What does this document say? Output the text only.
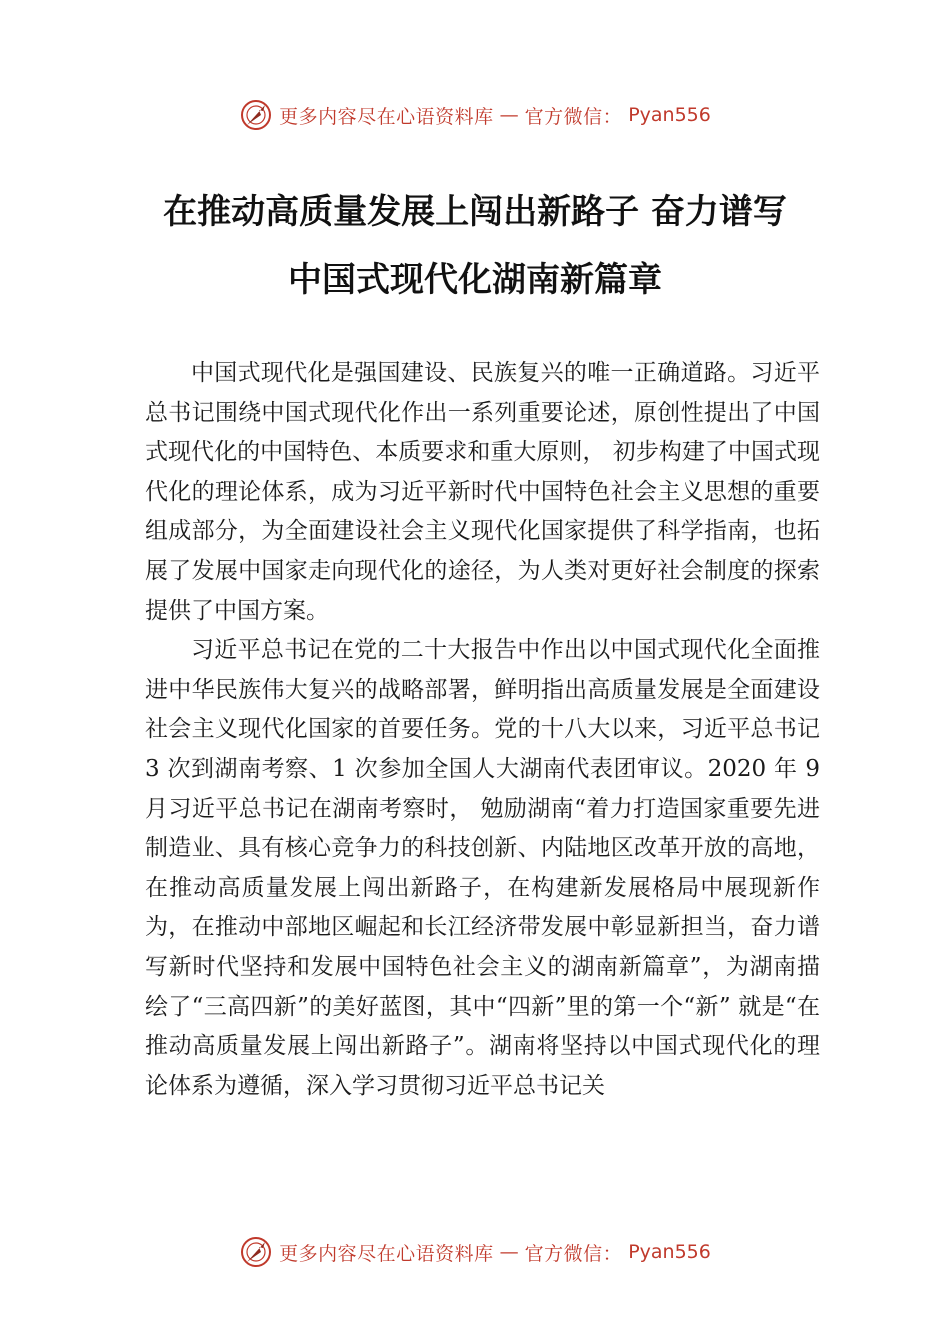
更多内容尽在心语资料库 — 官方微信： Pyan556
在推动高质量发展上闯出新路子 奋力谱写
中国式现代化湖南新篇章

中国式现代化是强国建设、民族复兴的唯一正确道路。习近平总书记围绕中国式现代化作出一系列重要论述，原创性提出了中国式现代化的中国特色、本质要求和重大原则， 初步构建了中国式现代化的理论体系，成为习近平新时代中国特色社会主义思想的重要组成部分，为全面建设社会主义现代化国家提供了科学指南，也拓展了发展中国家走向现代化的途径，为人类对更好社会制度的探索提供了中国方案。

习近平总书记在党的二十大报告中作出以中国式现代化全面推进中华民族伟大复兴的战略部署，鲜明指出高质量发展是全面建设社会主义现代化国家的首要任务。党的十八大以来，习近平总书记 3 次到湖南考察、1 次参加全国人大湖南代表团审议。2020 年 9 月习近平总书记在湖南考察时， 勉励湖南“着力打造国家重要先进制造业、具有核心竞争力的科技创新、内陆地区改革开放的高地，在推动高质量发展上闯出新路子，在构建新发展格局中展现新作为，在推动中部地区崛起和长江经济带发展中彰显新担当，奋力谱写新时代坚持和发展中国特色社会主义的湖南新篇章”，为湖南描绘了“三高四新”的美好蓝图，其中“四新”里的第一个“新” 就是“在推动高质量发展上闯出新路子”。湖南将坚持以中国式现代化的理论体系为遵循，深入学习贯彻习近平总书记关

更多内容尽在心语资料库 — 官方微信： Pyan556
